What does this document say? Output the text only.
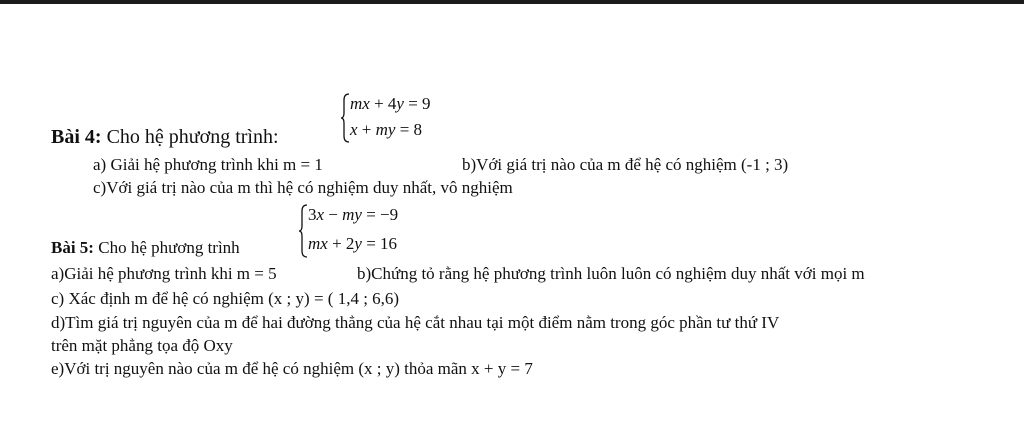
Bài 4: Cho hệ phương trình:
mx + 4y = 9
x + my = 8
a) Giải hệ phương trình khi m = 1	b)Với giá trị nào của m để hệ có nghiệm (-1 ; 3)
c)Với giá trị nào của m thì hệ có nghiệm duy nhất, vô nghiệm
Bài 5: Cho hệ phương trình
3x − my = −9
mx + 2y = 16
a)Giải hệ phương trình khi m = 5	b)Chứng tỏ rằng hệ phương trình luôn luôn có nghiệm duy nhất với mọi m
c) Xác định m để hệ có nghiệm (x ; y) = ( 1,4 ; 6,6)
d)Tìm giá trị nguyên của m để hai đường thẳng của hệ cắt nhau tại một điểm nằm trong góc phần tư thứ IV
trên mặt phẳng tọa độ Oxy
e)Với trị nguyên nào của m để hệ có nghiệm (x ; y) thỏa mãn x + y = 7
